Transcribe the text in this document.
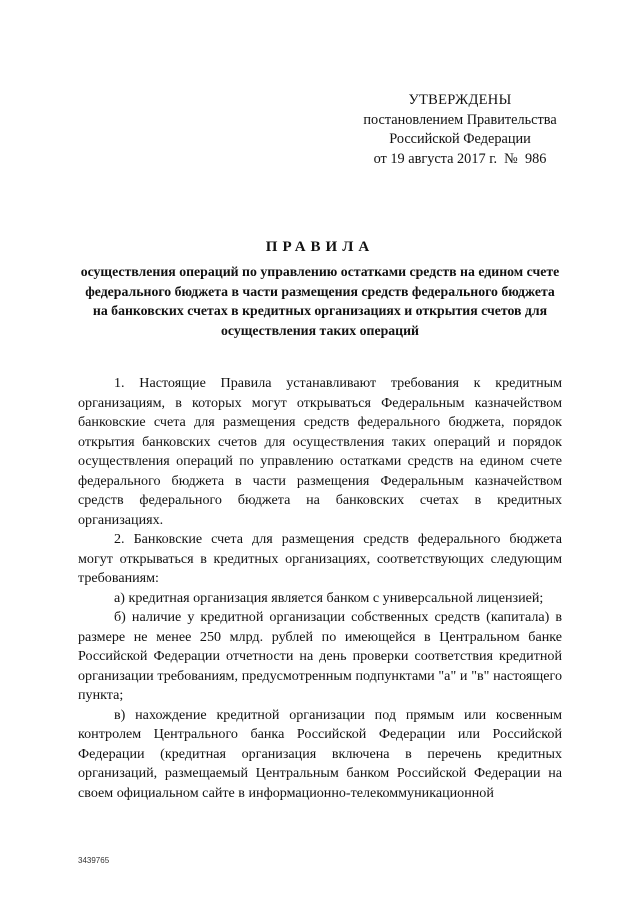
УТВЕРЖДЕНЫ
постановлением Правительства
Российской Федерации
от 19 августа 2017 г.  №  986
ПРАВИЛА
осуществления операций по управлению остатками средств на едином счете федерального бюджета в части размещения средств федерального бюджета на банковских счетах в кредитных организациях и открытия счетов для осуществления таких операций

1. Настоящие Правила устанавливают требования к кредитным организациям, в которых могут открываться Федеральным казначейством банковские счета для размещения средств федерального бюджета, порядок открытия банковских счетов для осуществления таких операций и порядок осуществления операций по управлению остатками средств на едином счете федерального бюджета в части размещения Федеральным казначейством средств федерального бюджета на банковских счетах в кредитных организациях.

2. Банковские счета для размещения средств федерального бюджета могут открываться в кредитных организациях, соответствующих следующим требованиям:

а) кредитная организация является банком с универсальной лицензией;

б) наличие у кредитной организации собственных средств (капитала) в размере не менее 250 млрд. рублей по имеющейся в Центральном банке Российской Федерации отчетности на день проверки соответствия кредитной организации требованиям, предусмотренным подпунктами "а" и "в" настоящего пункта;

в) нахождение кредитной организации под прямым или косвенным контролем Центрального банка Российской Федерации или Российской Федерации (кредитная организация включена в перечень кредитных организаций, размещаемый Центральным банком Российской Федерации на своем официальном сайте в информационно-телекоммуникационной

3439765
